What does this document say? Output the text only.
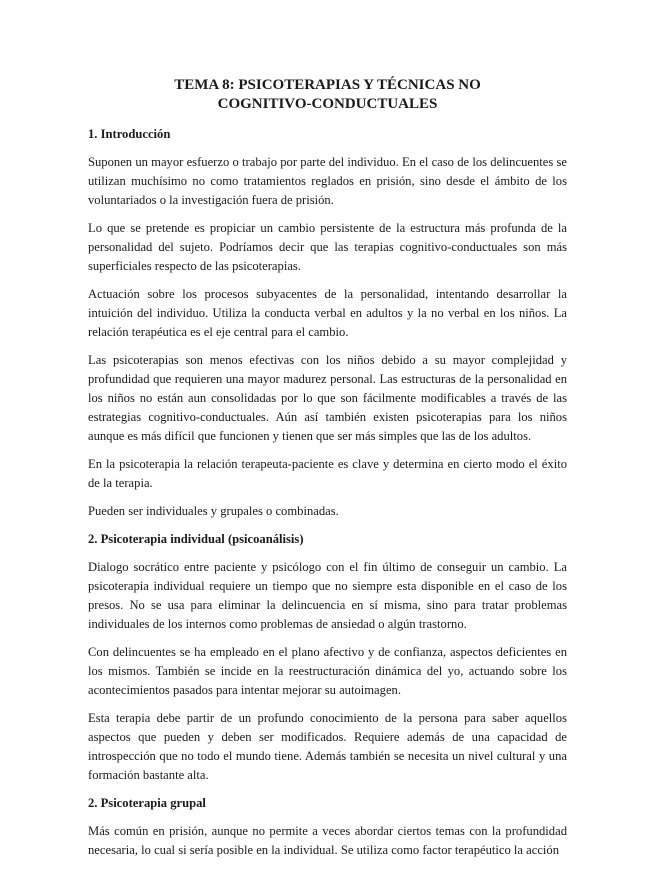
TEMA 8: PSICOTERAPIAS Y TÉCNICAS NO
COGNITIVO-CONDUCTUALES
1. Introducción

Suponen un mayor esfuerzo o trabajo por parte del individuo. En el caso de los delincuentes se utilizan muchísimo no como tratamientos reglados en prisión, sino desde el ámbito de los voluntariados o la investigación fuera de prisión.

Lo que se pretende es propiciar un cambio persistente de la estructura más profunda de la personalidad del sujeto. Podríamos decir que las terapias cognitivo-conductuales son más superficiales respecto de las psicoterapias.

Actuación sobre los procesos subyacentes de la personalidad, intentando desarrollar la intuición del individuo. Utiliza la conducta verbal en adultos y la no verbal en los niños. La relación terapéutica es el eje central para el cambio.

Las psicoterapias son menos efectivas con los niños debido a su mayor complejidad y profundidad que requieren una mayor madurez personal. Las estructuras de la personalidad en los niños no están aun consolidadas por lo que son fácilmente modificables a través de las estrategias cognitivo-conductuales. Aún así también existen psicoterapias para los niños aunque es más difícil que funcionen y tienen que ser más simples que las de los adultos.

En la psicoterapia la relación terapeuta-paciente es clave y determina en cierto modo el éxito de la terapia.

Pueden ser individuales y grupales o combinadas.

2. Psicoterapia individual (psicoanálisis)

Dialogo socrático entre paciente y psicólogo con el fin último de conseguir un cambio. La psicoterapia individual requiere un tiempo que no siempre esta disponible en el caso de los presos. No se usa para eliminar la delincuencia en sí misma, sino para tratar problemas individuales de los internos como problemas de ansiedad o algún trastorno.

Con delincuentes se ha empleado en el plano afectivo y de confianza, aspectos deficientes en los mismos. También se incide en la reestructuración dinámica del yo, actuando sobre los acontecimientos pasados para intentar mejorar su autoimagen.

Esta terapia debe partir de un profundo conocimiento de la persona para saber aquellos aspectos que pueden y deben ser modificados. Requiere además de una capacidad de introspección que no todo el mundo tiene. Además también se necesita un nivel cultural y una formación bastante alta.

2. Psicoterapia grupal

Más común en prisión, aunque no permite a veces abordar ciertos temas con la profundidad necesaria, lo cual si sería posible en la individual. Se utiliza como factor terapéutico la acción
